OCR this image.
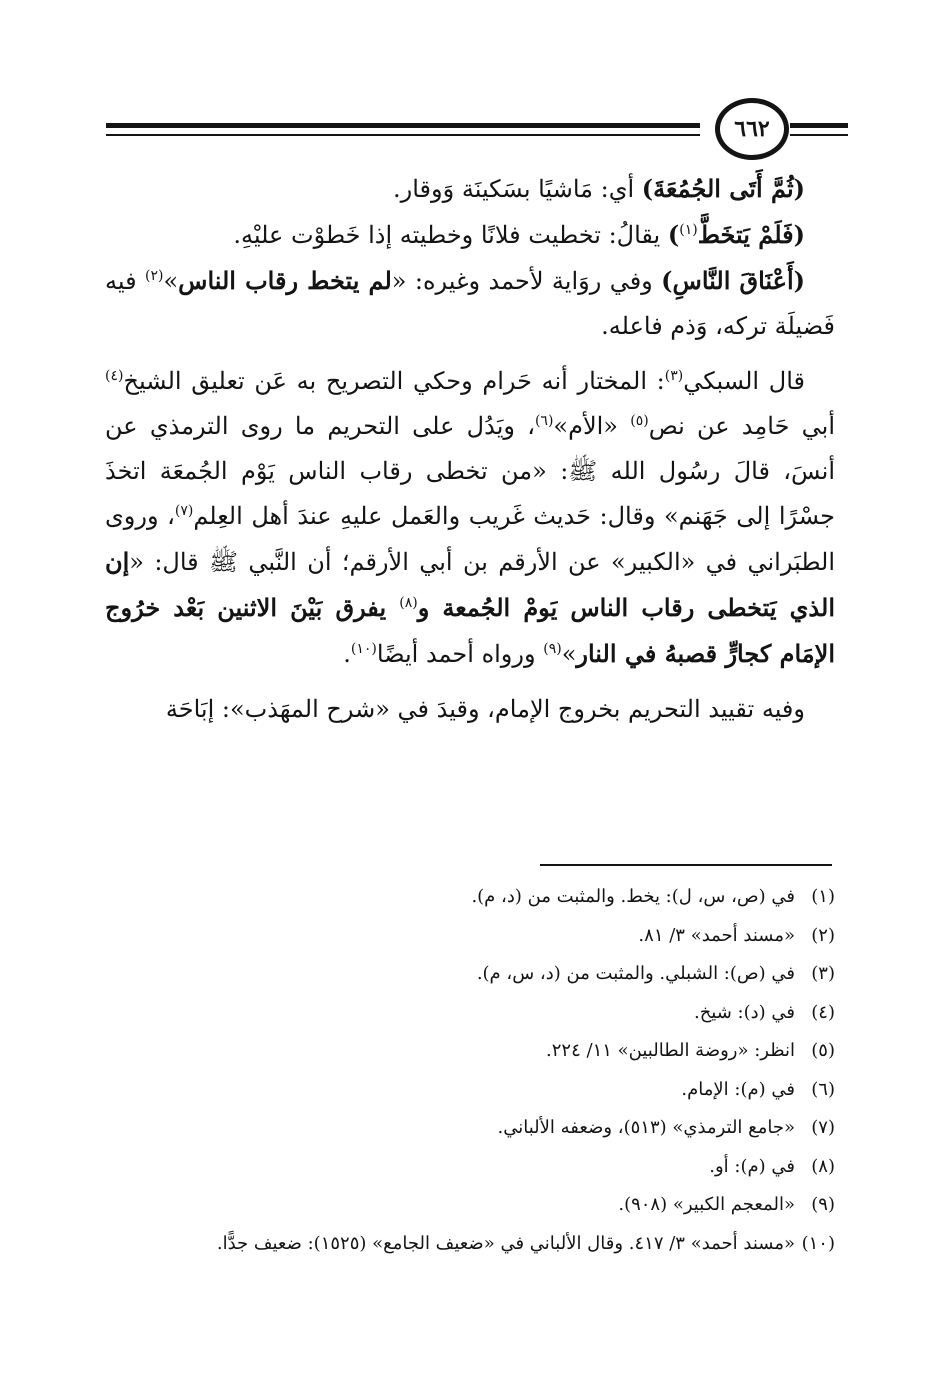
٦٦٢

(ثُمَّ أَتَى الجُمُعَةَ) أي: مَاشيًا بسَكينَة وَوقار.

(فَلَمْ يَتخَطَّ$^{(١)}$) يقالُ: تخطيت فلانًا وخطيته إذا خَطوْت عليْهِ.

(أَعْنَاقَ النَّاسِ) وفي روَاية لأحمد وغيره: «لم يتخط رقاب الناس»$^{(٢)}$ فيه فَضيلَة تركه، وَذم فاعله.

قال السبكي$^{(٣)}$: المختار أنه حَرام وحكي التصريح به عَن تعليق الشيخ$^{(٤)}$ أبي حَامِد عن نص$^{(٥)}$ «الأم»$^{(٦)}$، ويَدُل على التحريم ما روى الترمذي عن أنسَ، قالَ رسُول الله ﷺ: «من تخطى رقاب الناس يَوْم الجُمعَة اتخذَ جسْرًا إلى جَهَنم» وقال: حَديث غَريب والعَمل عليهِ عندَ أهل العِلم$^{(٧)}$، وروى الطبَراني في «الكبير» عن الأرقم بن أبي الأرقم؛ أن النَّبي ﷺ قال: «إن الذي يَتخطى رقاب الناس يَومْ الجُمعة و$^{(٨)}$ يفرق بَيْنَ الاثنين بَعْد خرُوج الإمَام كجارٍّ قصبهُ في النار»$^{(٩)}$ ورواه أحمد أيضًا$^{(١٠)}$.

وفيه تقييد التحريم بخروج الإمام، وقيدَ في «شرح المهَذب»: إبَاحَة

(١)
في (ص، س، ل): يخط. والمثبت من (د، م).
(٢)
«مسند أحمد» ٣/ ٨١.
(٣)
في (ص): الشبلي. والمثبت من (د، س، م).
(٤)
في (د): شيخ.
(٥)
انظر: «روضة الطالبين» ١١/ ٢٢٤.
(٦)
في (م): الإمام.
(٧)
«جامع الترمذي» (٥١٣)، وضعفه الألباني.
(٨)
في (م): أو.
(٩)
«المعجم الكبير» (٩٠٨).
(١٠)
«مسند أحمد» ٣/ ٤١٧. وقال الألباني في «ضعيف الجامع» (١٥٢٥): ضعيف جدًّا.
